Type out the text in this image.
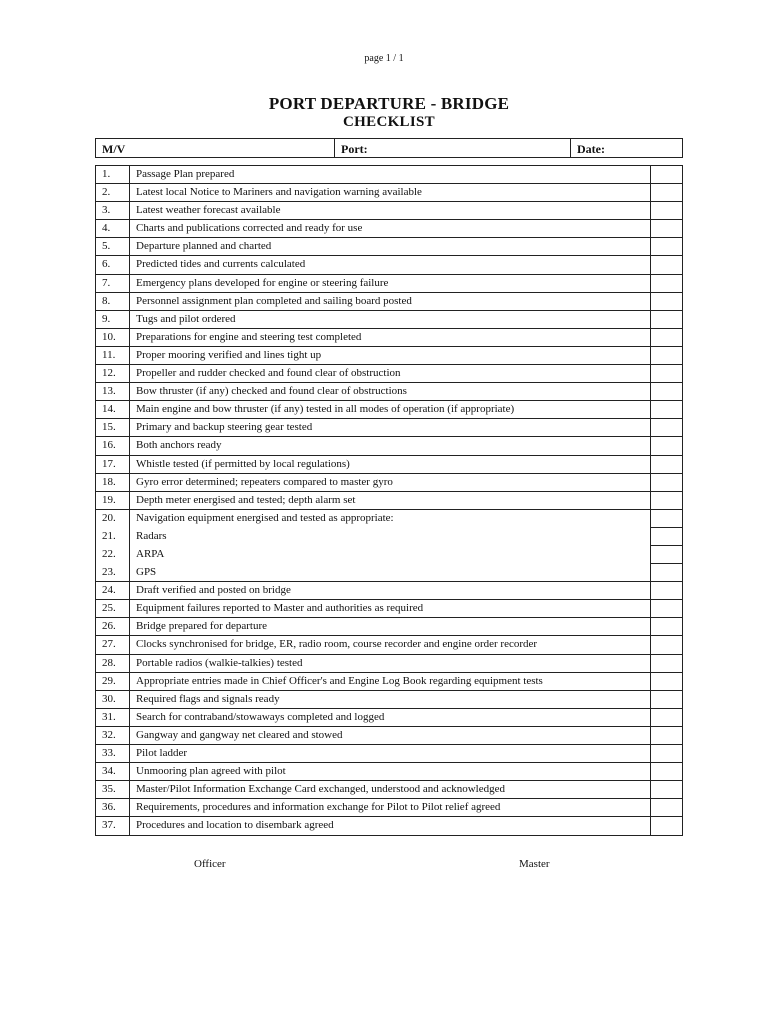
page 1 / 1
PORT DEPARTURE - BRIDGE
CHECKLIST
M/V	Port:	Date:
1.	Passage Plan prepared
2.	Latest local Notice to Mariners and navigation warning available
3.	Latest weather forecast available
4.	Charts and publications corrected and ready for use
5.	Departure planned and charted
6.	Predicted tides and currents calculated
7.	Emergency plans developed for engine or steering failure
8.	Personnel assignment plan completed and sailing board posted
9.	Tugs and pilot ordered
10.	Preparations for engine and steering test completed
11.	Proper mooring verified and lines tight up
12.	Propeller and rudder checked and found clear of obstruction
13.	Bow thruster (if any) checked and found clear of obstructions
14.	Main engine and bow thruster (if any) tested in all modes of operation (if appropriate)
15.	Primary and backup steering gear tested
16.	Both anchors ready
17.	Whistle tested (if permitted by local regulations)
18.	Gyro error determined; repeaters compared to master gyro
19.	Depth meter energised and tested; depth alarm set
20.	Navigation equipment energised and tested as appropriate:
21.	Radars
22.	ARPA
23.	GPS
24.	Draft verified and posted on bridge
25.	Equipment failures reported to Master and authorities as required
26.	Bridge prepared for departure
27.	Clocks synchronised for bridge, ER, radio room, course recorder and engine order recorder
28.	Portable radios (walkie-talkies) tested
29.	Appropriate entries made in Chief Officer's and Engine Log Book regarding equipment tests
30.	Required flags and signals ready
31.	Search for contraband/stowaways completed and logged
32.	Gangway and gangway net cleared and stowed
33.	Pilot ladder
34.	Unmooring plan agreed with pilot
35.	Master/Pilot Information Exchange Card exchanged, understood and acknowledged
36.	Requirements, procedures and information exchange for Pilot to Pilot relief agreed
37.	Procedures and location to disembark agreed
Officer	Master
